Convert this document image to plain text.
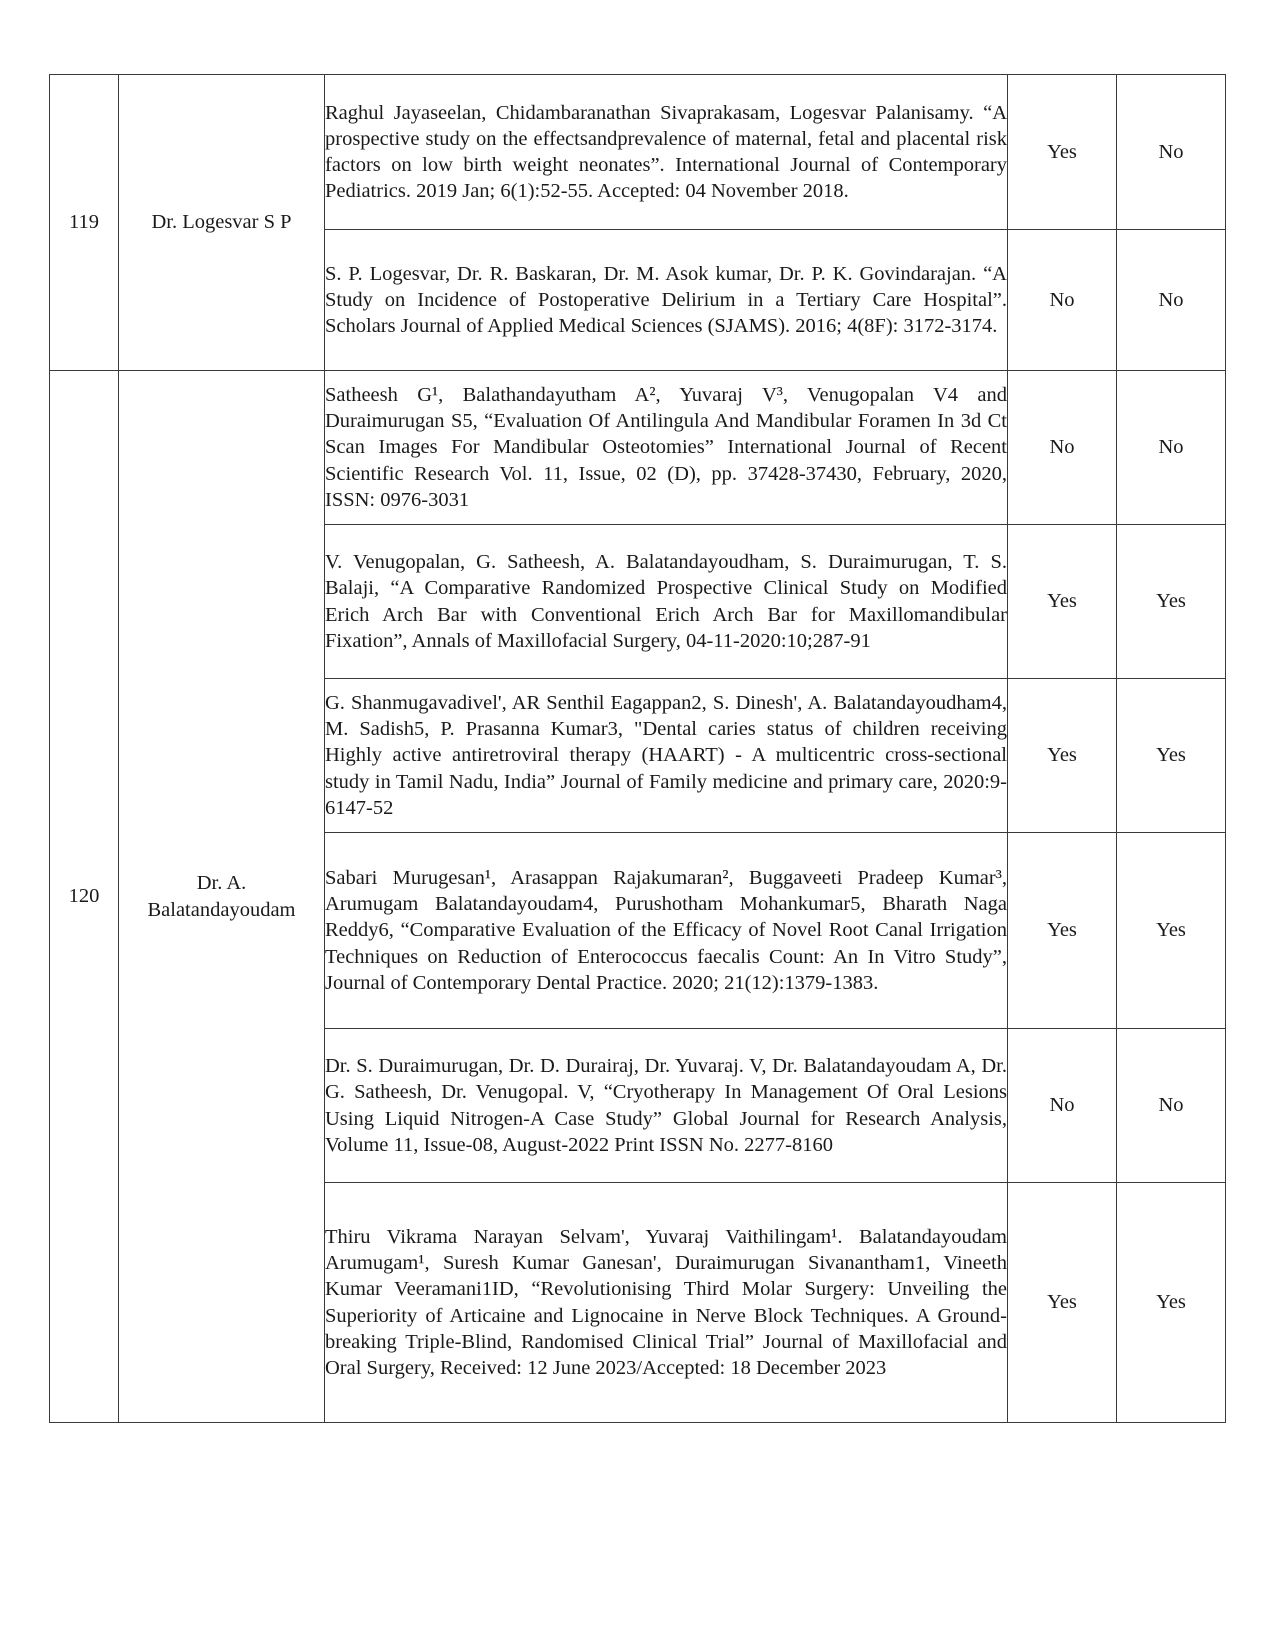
119	Dr. Logesvar S P	Raghul Jayaseelan, Chidambaranathan Sivaprakasam, Logesvar Palanisamy. “A prospective study on the effectsandprevalence of maternal, fetal and placental risk factors on low birth weight neonates”. International Journal of Contemporary Pediatrics. 2019 Jan; 6(1):52-55. Accepted: 04 November 2018.	Yes	No

		S. P. Logesvar, Dr. R. Baskaran, Dr. M. Asok kumar, Dr. P. K. Govindarajan. “A Study on Incidence of Postoperative Delirium in a Tertiary Care Hospital”. Scholars Journal of Applied Medical Sciences (SJAMS). 2016; 4(8F): 3172-3174.	No	No
120	Dr. A. Balatandayoudam	Satheesh G¹, Balathandayutham A², Yuvaraj V³, Venugopalan V4 and Duraimurugan S5, “Evaluation Of Antilingula And Mandibular Foramen In 3d Ct Scan Images For Mandibular Osteotomies” International Journal of Recent Scientific Research Vol. 11, Issue, 02 (D), pp. 37428-37430, February, 2020, ISSN: 0976-3031	No	No

		V. Venugopalan, G. Satheesh, A. Balatandayoudham, S. Duraimurugan, T. S. Balaji, “A Comparative Randomized Prospective Clinical Study on Modified Erich Arch Bar with Conventional Erich Arch Bar for Maxillomandibular Fixation”, Annals of Maxillofacial Surgery, 04-11-2020:10;287-91	Yes	Yes

		G. Shanmugavadivel', AR Senthil Eagappan2, S. Dinesh', A. Balatandayoudham4, M. Sadish5, P. Prasanna Kumar3, "Dental caries status of children receiving Highly active antiretroviral therapy (HAART) - A multicentric cross-sectional study in Tamil Nadu, India” Journal of Family medicine and primary care, 2020:9-6147-52	Yes	Yes

		Sabari Murugesan¹, Arasappan Rajakumaran², Buggaveeti Pradeep Kumar³, Arumugam Balatandayoudam4, Purushotham Mohankumar5, Bharath Naga Reddy6, “Comparative Evaluation of the Efficacy of Novel Root Canal Irrigation Techniques on Reduction of Enterococcus faecalis Count: An In Vitro Study”, Journal of Contemporary Dental Practice. 2020; 21(12):1379-1383.	Yes	Yes

		Dr. S. Duraimurugan, Dr. D. Durairaj, Dr. Yuvaraj. V, Dr. Balatandayoudam A, Dr. G. Satheesh, Dr. Venugopal. V, “Cryotherapy In Management Of Oral Lesions Using Liquid Nitrogen-A Case Study” Global Journal for Research Analysis, Volume 11, Issue-08, August-2022 Print ISSN No. 2277-8160	No	No

		Thiru Vikrama Narayan Selvam', Yuvaraj Vaithilingam¹. Balatandayoudam Arumugam¹, Suresh Kumar Ganesan', Duraimurugan Sivanantham1, Vineeth Kumar Veeramani1ID, “Revolutionising Third Molar Surgery: Unveiling the Superiority of Articaine and Lignocaine in Nerve Block Techniques. A Ground-breaking Triple-Blind, Randomised Clinical Trial” Journal of Maxillofacial and Oral Surgery, Received: 12 June 2023/Accepted: 18 December 2023	Yes	Yes
